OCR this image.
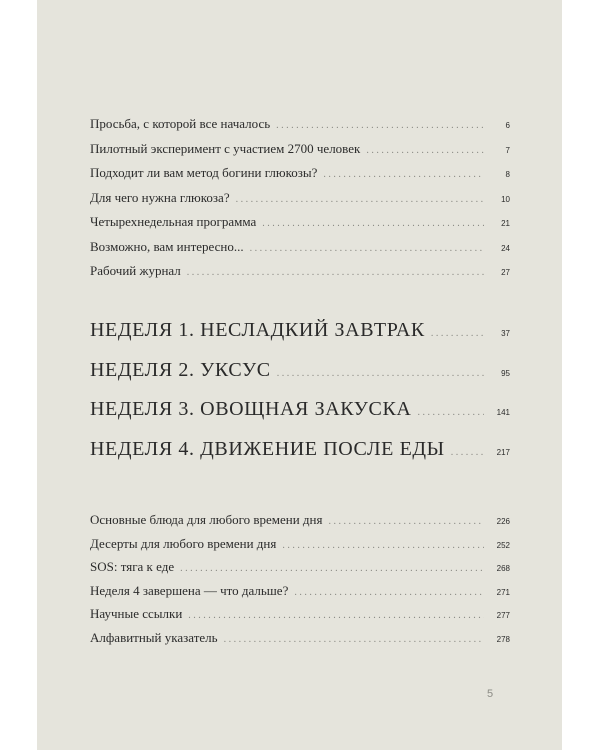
Просьба, с которой все началось . . .	6
Пилотный эксперимент с участием 2700 человек . . .	7
Подходит ли вам метод богини глюкозы? . . .	8
Для чего нужна глюкоза? . . .	10
Четырехнедельная программа . . .	21
Возможно, вам интересно... . . .	24
Рабочий журнал . . .	27
НЕДЕЛЯ 1. НЕСЛАДКИЙ ЗАВТРАК . . .	37
НЕДЕЛЯ 2. УКСУС . . .	95
НЕДЕЛЯ 3. ОВОЩНАЯ ЗАКУСКА . . .	141
НЕДЕЛЯ 4. ДВИЖЕНИЕ ПОСЛЕ ЕДЫ . . .	217
Основные блюда для любого времени дня . . .	226
Десерты для любого времени дня . . .	252
SOS: тяга к еде . . .	268
Неделя 4 завершена — что дальше? . . .	271
Научные ссылки . . .	277
Алфавитный указатель . . .	278
5
